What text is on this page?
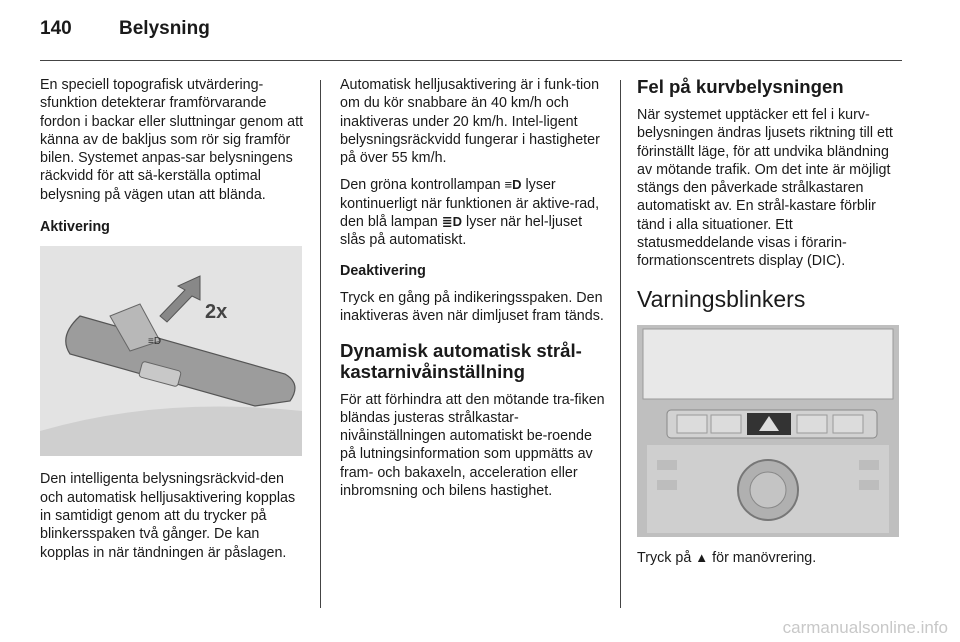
140 Belysning

En speciell topografisk utvärdering-sfunktion detekterar framförvarande fordon i backar eller sluttningar genom att känna av de bakljus som rör sig framför bilen. Systemet anpas-sar belysningens räckvidd för att sä-kerställa optimal belysning på vägen utan att blända.

Aktivering

2x
≡D

Den intelligenta belysningsräckvid-den och automatisk helljusaktivering kopplas in samtidigt genom att du trycker på blinkersspaken två gånger. De kan kopplas in när tändningen är påslagen.

Automatisk helljusaktivering är i funk-tion om du kör snabbare än 40 km/h och inaktiveras under 20 km/h. Intel-ligent belysningsräckvidd fungerar i hastigheter på över 55 km/h.

Den gröna kontrollampan ≡D lyser kontinuerligt när funktionen är aktive-rad, den blå lampan ≣D lyser när hel-ljuset slås på automatiskt.

Deaktivering

Tryck en gång på indikeringsspaken. Den inaktiveras även när dimljuset fram tänds.

Dynamisk automatisk strål-kastarnivåinställning

För att förhindra att den mötande tra-fiken bländas justeras strålkastar-nivåinställningen automatiskt be-roende på lutningsinformation som uppmätts av fram- och bakaxeln, acceleration eller inbromsning och bilens hastighet.

Fel på kurvbelysningen

När systemet upptäcker ett fel i kurv-belysningen ändras ljusets riktning till ett förinställt läge, för att undvika bländning av mötande trafik. Om det inte är möjligt stängs den påverkade strålkastaren automatiskt av. En strål-kastare förblir tänd i alla situationer. Ett statusmeddelande visas i förarin-formationscentrets display (DIC).

Varningsblinkers

Tryck på ▲ för manövrering.

carmanualsonline.info
